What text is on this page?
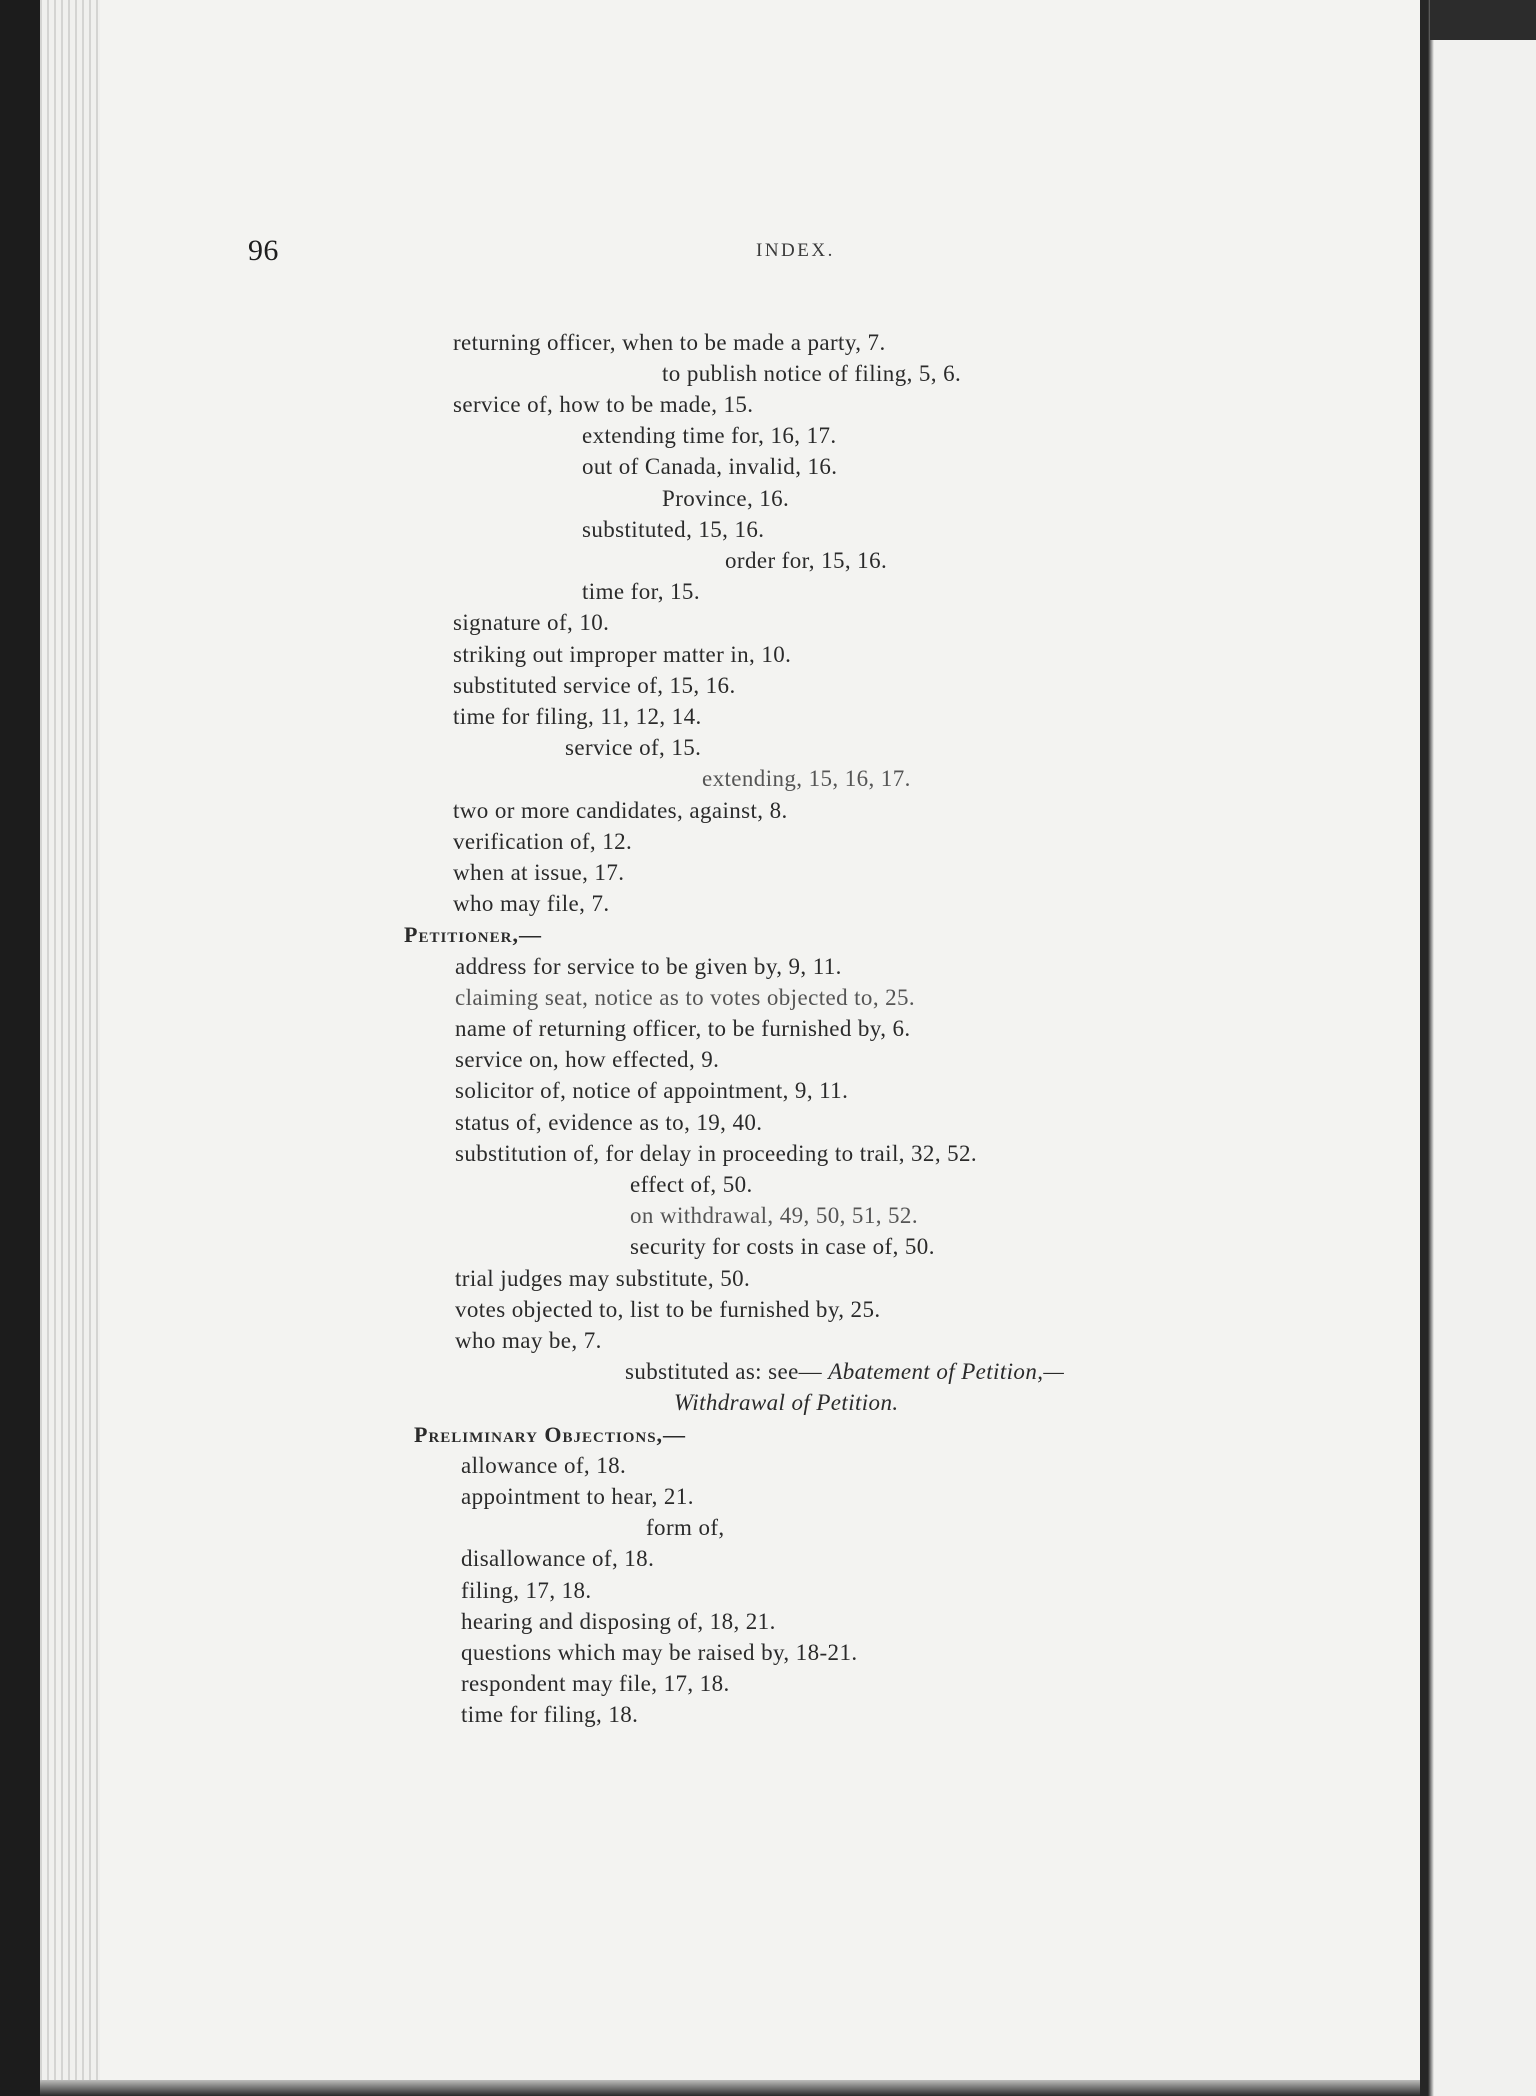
96	INDEX.
returning officer, when to be made a party, 7.
to publish notice of filing, 5, 6.
service of, how to be made, 15.
extending time for, 16, 17.
out of Canada, invalid, 16.
Province, 16.
substituted, 15, 16.
order for, 15, 16.
time for, 15.
signature of, 10.
striking out improper matter in, 10.
substituted service of, 15, 16.
time for filing, 11, 12, 14.
service of, 15.
extending, 15, 16, 17.
two or more candidates, against, 8.
verification of, 12.
when at issue, 17.
who may file, 7.
Petitioner,—
address for service to be given by, 9, 11.
claiming seat, notice as to votes objected to, 25.
name of returning officer, to be furnished by, 6.
service on, how effected, 9.
solicitor of, notice of appointment, 9, 11.
status of, evidence as to, 19, 40.
substitution of, for delay in proceeding to trail, 32, 52.
effect of, 50.
on withdrawal, 49, 50, 51, 52.
security for costs in case of, 50.
trial judges may substitute, 50.
votes objected to, list to be furnished by, 25.
who may be, 7.
substituted as: see— Abatement of Petition,—
Withdrawal of Petition.
Preliminary Objections,—
allowance of, 18.
appointment to hear, 21.
form of,
disallowance of, 18.
filing, 17, 18.
hearing and disposing of, 18, 21.
questions which may be raised by, 18-21.
respondent may file, 17, 18.
time for filing, 18.
